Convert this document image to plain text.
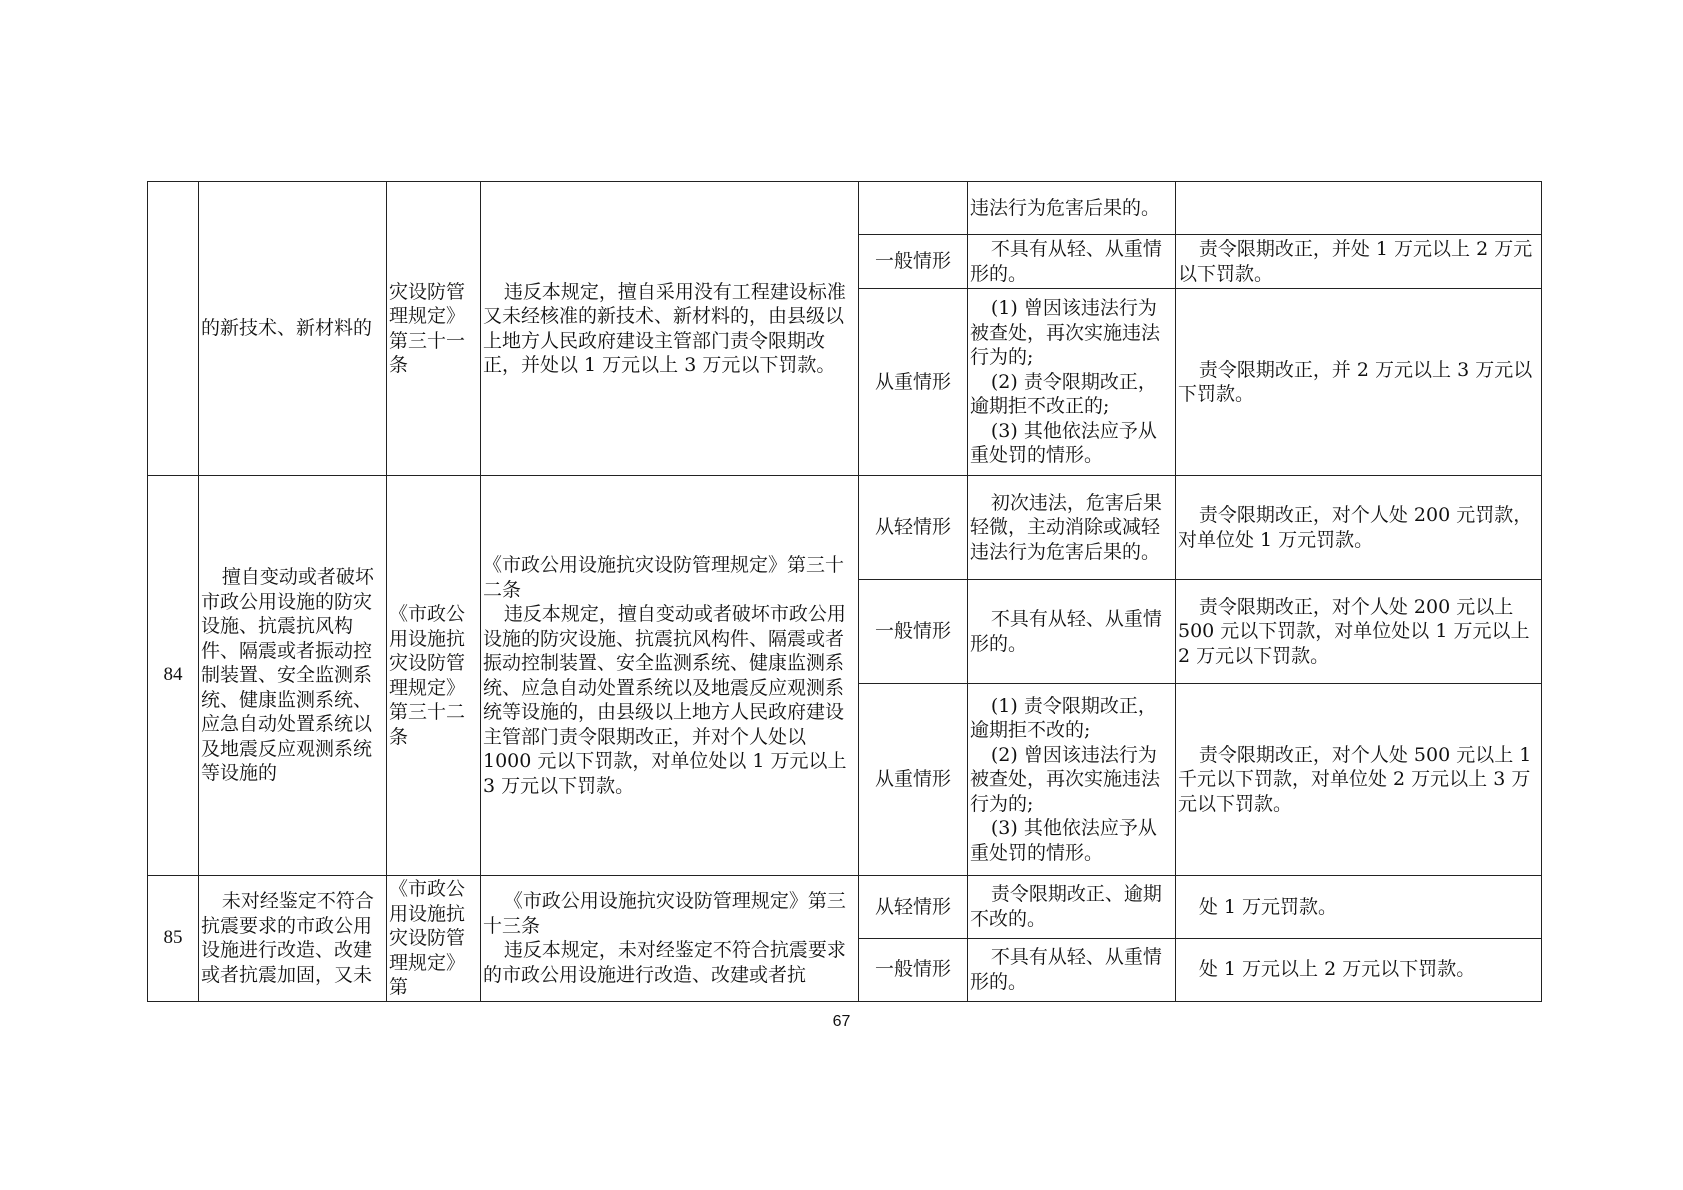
	的新技术、新材料的	灾设防管理规定》第三十一条	违反本规定，擅自采用没有工程建设标准又未经核准的新技术、新材料的，由县级以上地方人民政府建设主管部门责令限期改正，并处以 1 万元以上 3 万元以下罚款。		违法行为危害后果的。	
				一般情形	不具有从轻、从重情形的。	责令限期改正，并处 1 万元以上 2 万元以下罚款。
				从重情形	(1) 曾因该违法行为被查处，再次实施违法行为的;
(2) 责令限期改正，逾期拒不改正的;
(3) 其他依法应予从重处罚的情形。	责令限期改正，并 2 万元以上 3 万元以下罚款。
84	擅自变动或者破坏市政公用设施的防灾设施、抗震抗风构件、隔震或者振动控制装置、安全监测系统、健康监测系统、应急自动处置系统以及地震反应观测系统等设施的	《市政公用设施抗灾设防管理规定》第三十二条	《市政公用设施抗灾设防管理规定》第三十二条
违反本规定，擅自变动或者破坏市政公用设施的防灾设施、抗震抗风构件、隔震或者振动控制装置、安全监测系统、健康监测系统、应急自动处置系统以及地震反应观测系统等设施的，由县级以上地方人民政府建设主管部门责令限期改正，并对个人处以 1000 元以下罚款，对单位处以 1 万元以上 3 万元以下罚款。	从轻情形	初次违法，危害后果轻微，主动消除或减轻违法行为危害后果的。	责令限期改正，对个人处 200 元罚款，对单位处 1 万元罚款。
				一般情形	不具有从轻、从重情形的。	责令限期改正，对个人处 200 元以上 500 元以下罚款，对单位处以 1 万元以上 2 万元以下罚款。
				从重情形	(1) 责令限期改正，逾期拒不改的;
(2) 曾因该违法行为被查处，再次实施违法行为的;
(3) 其他依法应予从重处罚的情形。	责令限期改正，对个人处 500 元以上 1 千元以下罚款，对单位处 2 万元以上 3 万元以下罚款。
85	未对经鉴定不符合抗震要求的市政公用设施进行改造、改建或者抗震加固，又未	《市政公用设施抗灾设防管理规定》第	《市政公用设施抗灾设防管理规定》第三十三条
违反本规定，未对经鉴定不符合抗震要求的市政公用设施进行改造、改建或者抗	从轻情形	责令限期改正、逾期不改的。	处 1 万元罚款。
				一般情形	不具有从轻、从重情形的。	处 1 万元以上 2 万元以下罚款。
67
